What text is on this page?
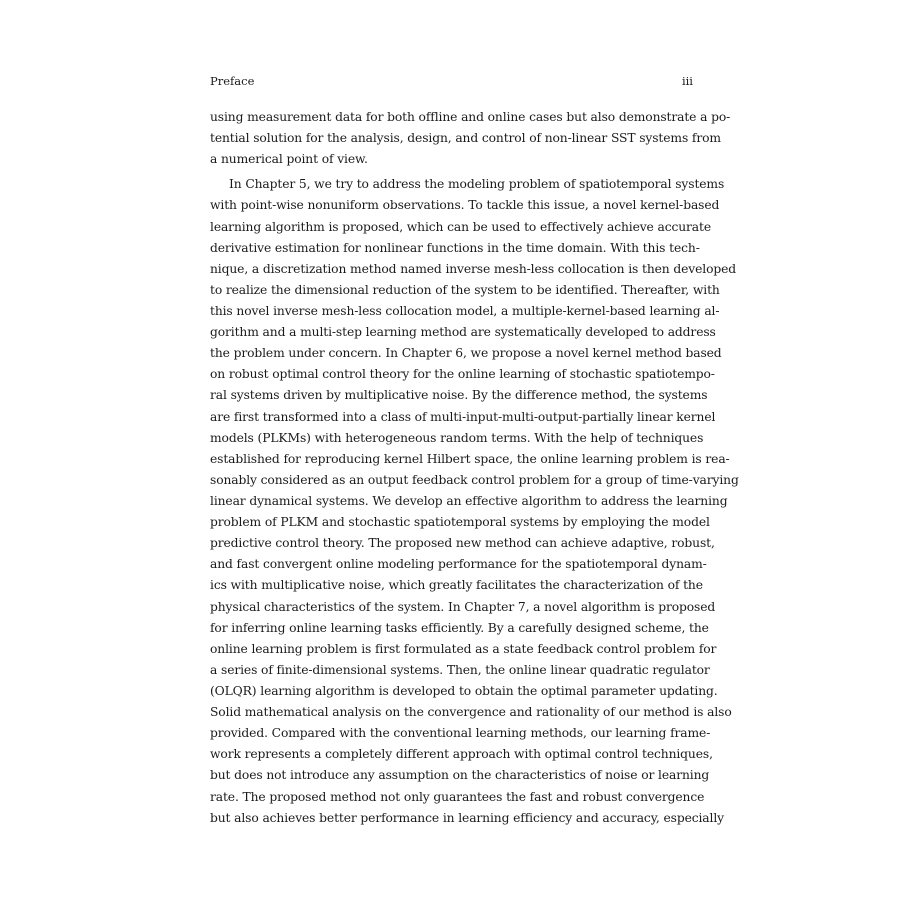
Preface	iii
using measurement data for both offline and online cases but also demonstrate a po-
tential solution for the analysis, design, and control of non-linear SST systems from
a numerical point of view.
In Chapter 5, we try to address the modeling problem of spatiotemporal systems
with point-wise nonuniform observations. To tackle this issue, a novel kernel-based
learning algorithm is proposed, which can be used to effectively achieve accurate
derivative estimation for nonlinear functions in the time domain. With this tech-
nique, a discretization method named inverse mesh-less collocation is then developed
to realize the dimensional reduction of the system to be identified. Thereafter, with
this novel inverse mesh-less collocation model, a multiple-kernel-based learning al-
gorithm and a multi-step learning method are systematically developed to address
the problem under concern. In Chapter 6, we propose a novel kernel method based
on robust optimal control theory for the online learning of stochastic spatiotempo-
ral systems driven by multiplicative noise. By the difference method, the systems
are first transformed into a class of multi-input-multi-output-partially linear kernel
models (PLKMs) with heterogeneous random terms. With the help of techniques
established for reproducing kernel Hilbert space, the online learning problem is rea-
sonably considered as an output feedback control problem for a group of time-varying
linear dynamical systems. We develop an effective algorithm to address the learning
problem of PLKM and stochastic spatiotemporal systems by employing the model
predictive control theory. The proposed new method can achieve adaptive, robust,
and fast convergent online modeling performance for the spatiotemporal dynam-
ics with multiplicative noise, which greatly facilitates the characterization of the
physical characteristics of the system. In Chapter 7, a novel algorithm is proposed
for inferring online learning tasks efficiently. By a carefully designed scheme, the
online learning problem is first formulated as a state feedback control problem for
a series of finite-dimensional systems. Then, the online linear quadratic regulator
(OLQR) learning algorithm is developed to obtain the optimal parameter updating.
Solid mathematical analysis on the convergence and rationality of our method is also
provided. Compared with the conventional learning methods, our learning frame-
work represents a completely different approach with optimal control techniques,
but does not introduce any assumption on the characteristics of noise or learning
rate. The proposed method not only guarantees the fast and robust convergence
but also achieves better performance in learning efficiency and accuracy, especially
